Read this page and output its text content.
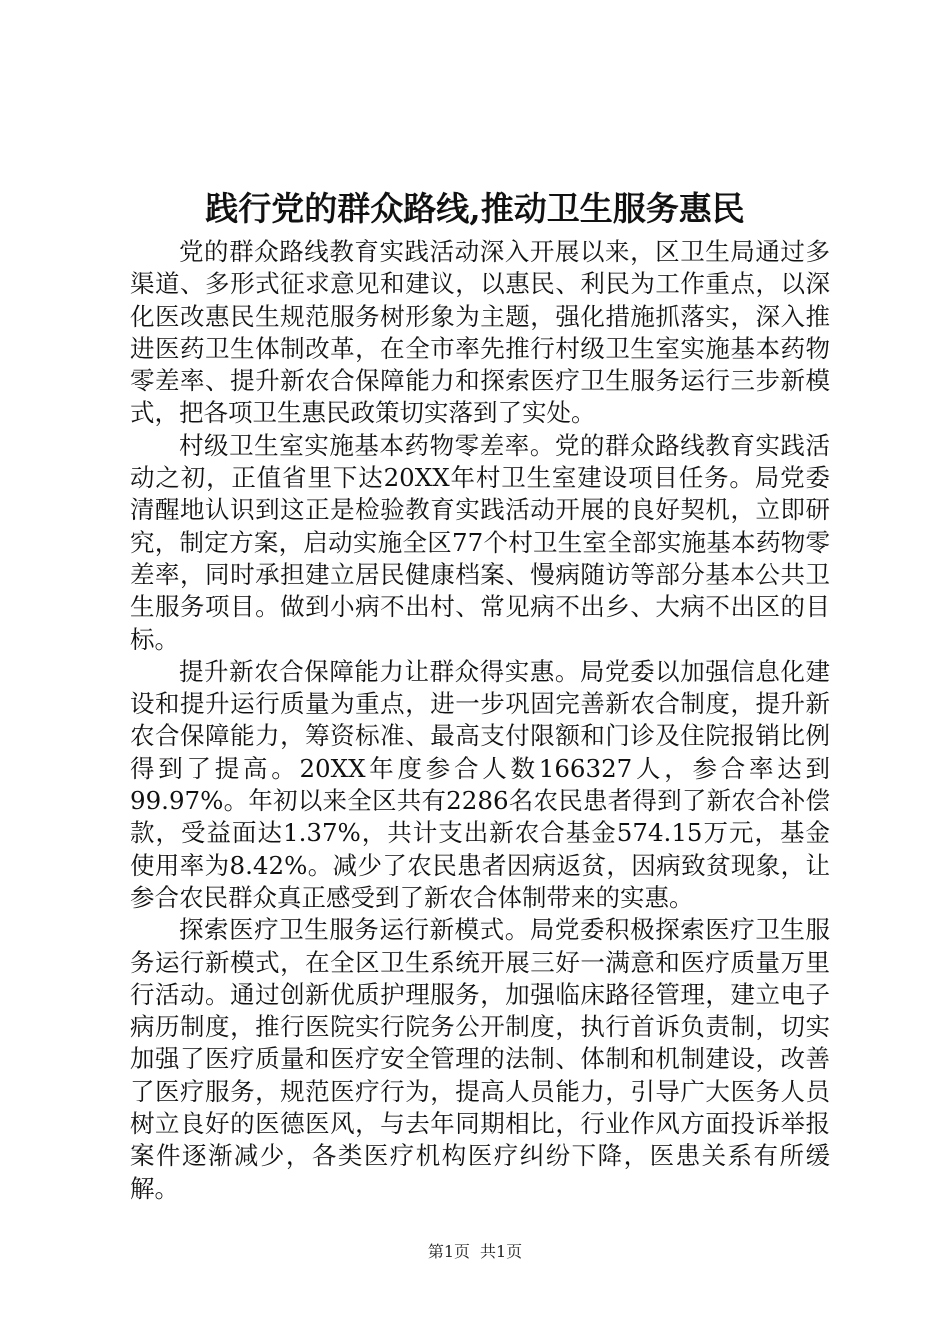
践行党的群众路线,推动卫生服务惠民

党的群众路线教育实践活动深入开展以来，区卫生局通过多渠道、多形式征求意见和建议，以惠民、利民为工作重点，以深化医改惠民生规范服务树形象为主题，强化措施抓落实，深入推进医药卫生体制改革，在全市率先推行村级卫生室实施基本药物零差率、提升新农合保障能力和探索医疗卫生服务运行三步新模式，把各项卫生惠民政策切实落到了实处。

村级卫生室实施基本药物零差率。党的群众路线教育实践活动之初，正值省里下达20XX年村卫生室建设项目任务。局党委清醒地认识到这正是检验教育实践活动开展的良好契机，立即研究，制定方案，启动实施全区77个村卫生室全部实施基本药物零差率，同时承担建立居民健康档案、慢病随访等部分基本公共卫生服务项目。做到小病不出村、常见病不出乡、大病不出区的目标。

提升新农合保障能力让群众得实惠。局党委以加强信息化建设和提升运行质量为重点，进一步巩固完善新农合制度，提升新农合保障能力，筹资标准、最高支付限额和门诊及住院报销比例得到了提高。20XX年度参合人数166327人，参合率达到99.97%。年初以来全区共有2286名农民患者得到了新农合补偿款，受益面达1.37%，共计支出新农合基金574.15万元，基金使用率为8.42%。减少了农民患者因病返贫，因病致贫现象，让参合农民群众真正感受到了新农合体制带来的实惠。

探索医疗卫生服务运行新模式。局党委积极探索医疗卫生服务运行新模式，在全区卫生系统开展三好一满意和医疗质量万里行活动。通过创新优质护理服务，加强临床路径管理，建立电子病历制度，推行医院实行院务公开制度，执行首诉负责制，切实加强了医疗质量和医疗安全管理的法制、体制和机制建设，改善了医疗服务，规范医疗行为，提高人员能力，引导广大医务人员树立良好的医德医风，与去年同期相比，行业作风方面投诉举报案件逐渐减少，各类医疗机构医疗纠纷下降，医患关系有所缓解。

第1页 共1页
